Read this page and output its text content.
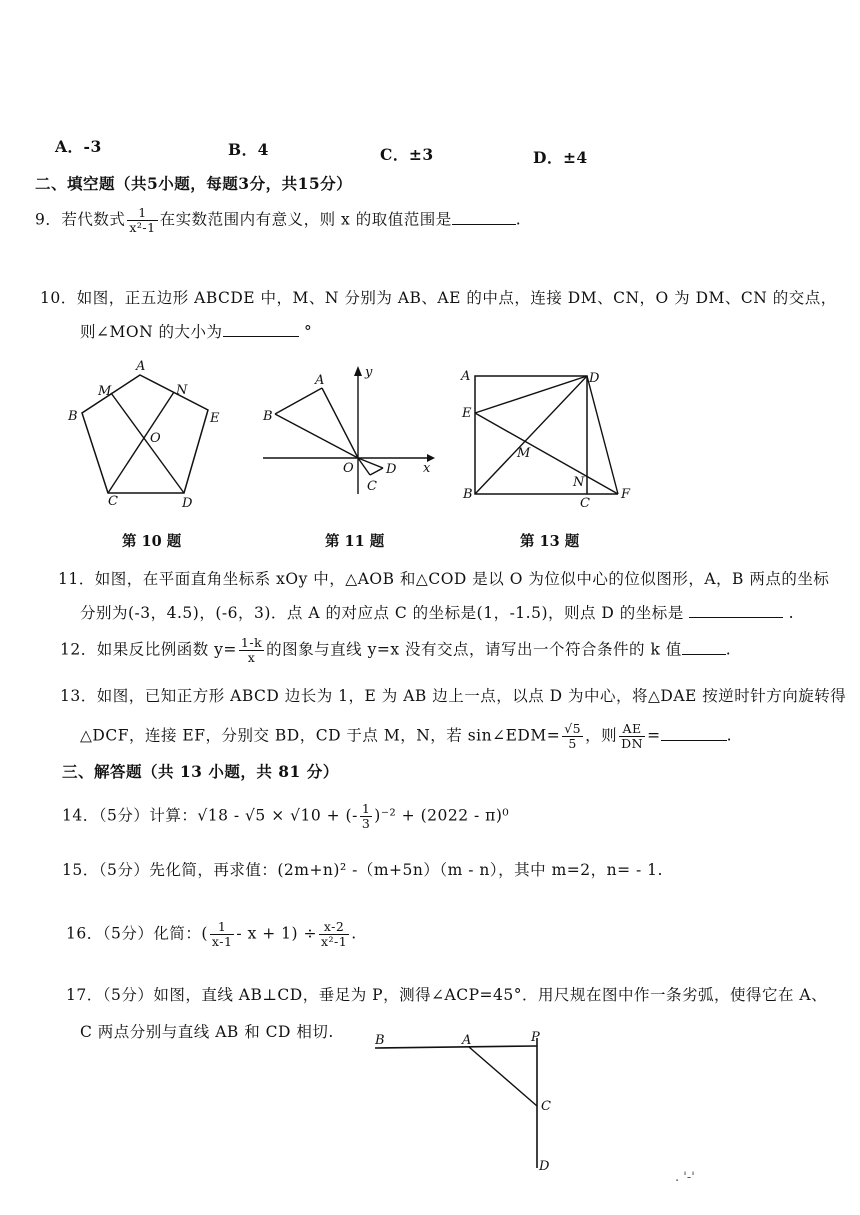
A．-3	B．4	C．±3	D．±4
二、填空题（共5小题，每题3分，共15分）
9．若代数式 $\frac{1}{\text{x²-1}}$ 在实数范围内有意义，则 x 的取值范围是	.
10．如图，正五边形 ABCDE 中，M、N 分别为 AB、AE 的中点，连接 DM、CN，O 为 DM、CN 的交点，
则∠MON 的大小为	°
A
M	N
B	E
O
C	D
第 10 题
A
B
y
O D x
C
第 11 题
A	D
E
M
N
B
C
F
第 13 题
11．如图，在平面直角坐标系 xOy 中，△AOB 和△COD 是以 O 为位似中心的位似图形，A，B 两点的坐标
分别为(-3，4.5)，(-6，3)．点 A 的对应点 C 的坐标是(1，-1.5)，则点 D 的坐标是	.
12．如果反比例函数 $y= \frac{1-k}{x}$ 的图象与直线 y=x 没有交点，请写出一个符合条件的 k 值	.
13．如图，已知正方形 ABCD 边长为 1，E 为 AB 边上一点，以点 D 为中心，将△DAE 按逆时针方向旋转得
△DCF，连接 EF，分别交 BD，CD 于点 M，N，若 sin∠EDM= $\frac{√5}{5}$ ，则 $\frac{AE}{DN}$ =	.
三、解答题（共 13 小题，共 81 分）
14．（5分）计算：√18 - √5 × √10 + (- $\frac{1}{3} )^{-2} + (2022 - \pi)^0$
15．（5分）先化简，再求值：(2m+n)² -（m+5n）（m - n），其中 m=2，n= - 1.
16．（5分）化简：( $\frac{1}{x-1} - x + 1) \div \frac{x-2}{\text{x²-1}}$ .
17．（5分）如图，直线 AB⊥CD，垂足为 P，测得∠ACP=45°．用尺规在图中作一条劣弧，使得它在 A、
C 两点分别与直线 AB 和 CD 相切.	B	A	P
C
D
. '-'
